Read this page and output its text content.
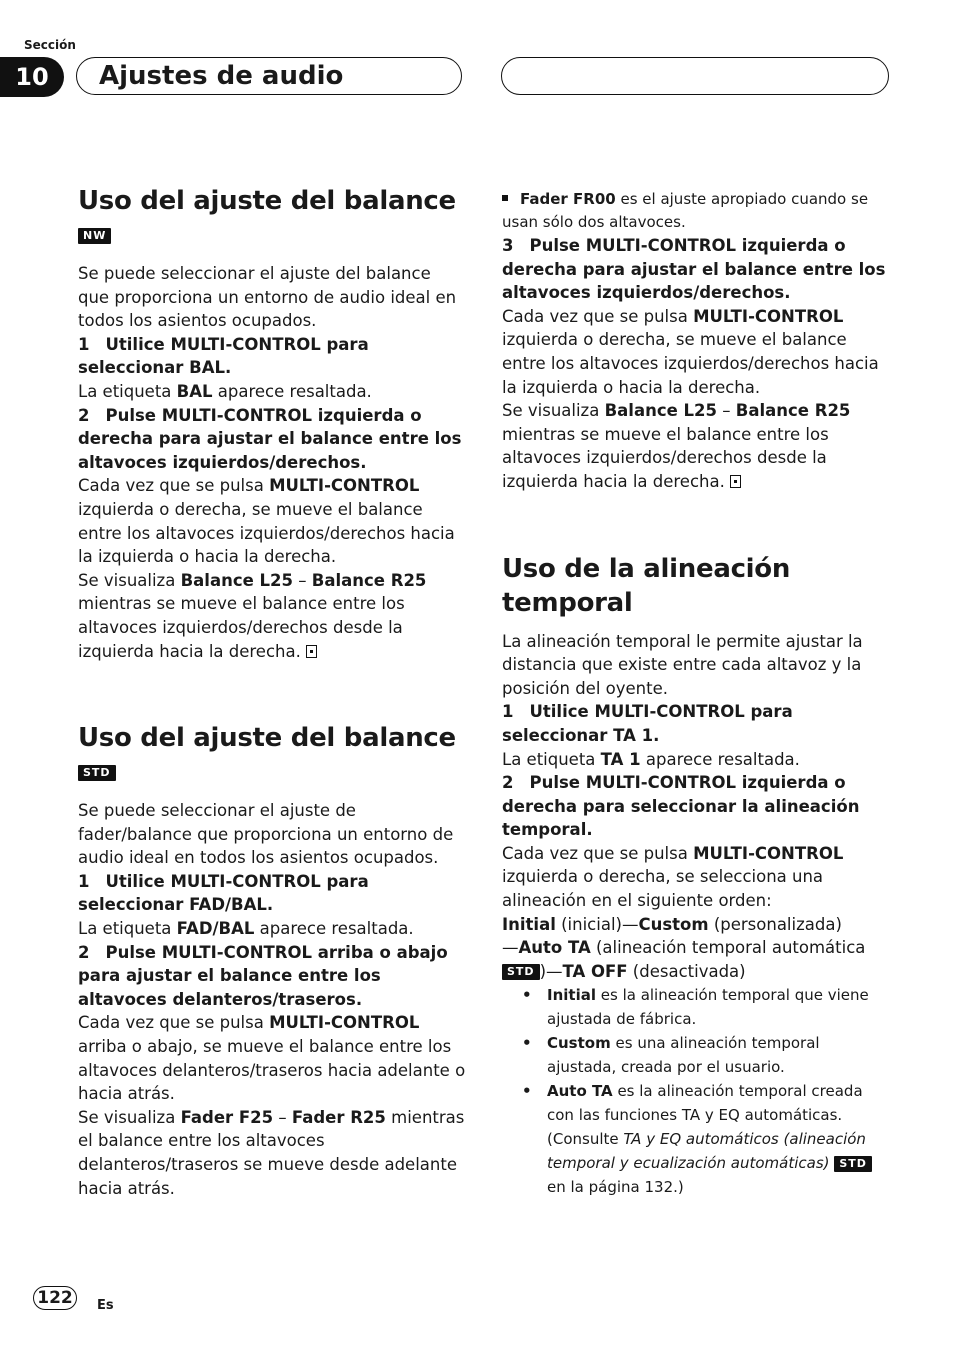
Sección
10	Ajustes de audio
Uso del ajuste del balance NW

Se puede seleccionar el ajuste del balance que proporciona un entorno de audio ideal en todos los asientos ocupados.

1 Utilice MULTI-CONTROL para seleccionar BAL.

La etiqueta BAL aparece resaltada.

2 Pulse MULTI-CONTROL izquierda o derecha para ajustar el balance entre los altavoces izquierdos/derechos.

Cada vez que se pulsa MULTI-CONTROL izquierda o derecha, se mueve el balance entre los altavoces izquierdos/derechos hacia la izquierda o hacia la derecha.

Se visualiza Balance L25 – Balance R25 mientras se mueve el balance entre los altavoces izquierdos/derechos desde la izquierda hacia la derecha.

Uso del ajuste del balance STD

Se puede seleccionar el ajuste de fader/balance que proporciona un entorno de audio ideal en todos los asientos ocupados.

1 Utilice MULTI-CONTROL para seleccionar FAD/BAL.

La etiqueta FAD/BAL aparece resaltada.

2 Pulse MULTI-CONTROL arriba o abajo para ajustar el balance entre los altavoces delanteros/traseros.

Cada vez que se pulsa MULTI-CONTROL arriba o abajo, se mueve el balance entre los altavoces delanteros/traseros hacia adelante o hacia atrás.

Se visualiza Fader F25 – Fader R25 mientras el balance entre los altavoces delanteros/traseros se mueve desde adelante hacia atrás.

Fader FR00 es el ajuste apropiado cuando se usan sólo dos altavoces.

3 Pulse MULTI-CONTROL izquierda o derecha para ajustar el balance entre los altavoces izquierdos/derechos.

Cada vez que se pulsa MULTI-CONTROL izquierda o derecha, se mueve el balance entre los altavoces izquierdos/derechos hacia la izquierda o hacia la derecha.

Se visualiza Balance L25 – Balance R25 mientras se mueve el balance entre los altavoces izquierdos/derechos desde la izquierda hacia la derecha.

Uso de la alineación temporal

La alineación temporal le permite ajustar la distancia que existe entre cada altavoz y la posición del oyente.

1 Utilice MULTI-CONTROL para seleccionar TA 1.

La etiqueta TA 1 aparece resaltada.

2 Pulse MULTI-CONTROL izquierda o derecha para seleccionar la alineación temporal.

Cada vez que se pulsa MULTI-CONTROL izquierda o derecha, se selecciona una alineación en el siguiente orden:

Initial (inicial)—Custom (personalizada)
—Auto TA (alineación temporal automática
STD )—TA OFF (desactivada)

• Initial es la alineación temporal que viene ajustada de fábrica.
• Custom es una alineación temporal ajustada, creada por el usuario.
• Auto TA es la alineación temporal creada con las funciones TA y EQ automáticas. (Consulte TA y EQ automáticos (alineación temporal y ecualización automáticas) STD en la página 132.)
122	Es
